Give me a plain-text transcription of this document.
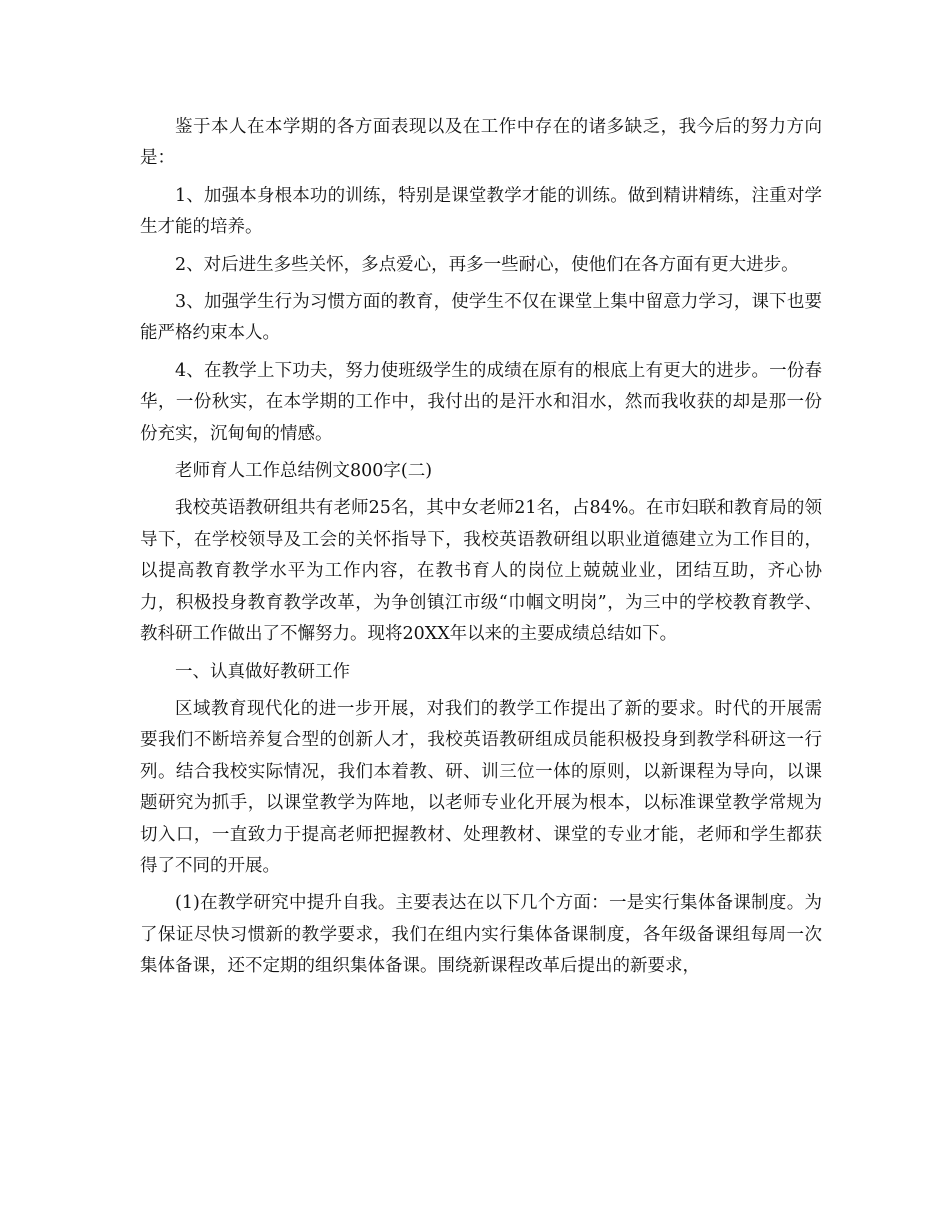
鉴于本人在本学期的各方面表现以及在工作中存在的诸多缺乏，我今后的努力方向是：

1、加强本身根本功的训练，特别是课堂教学才能的训练。做到精讲精练，注重对学生才能的培养。

2、对后进生多些关怀，多点爱心，再多一些耐心，使他们在各方面有更大进步。

3、加强学生行为习惯方面的教育，使学生不仅在课堂上集中留意力学习，课下也要能严格约束本人。

4、在教学上下功夫，努力使班级学生的成绩在原有的根底上有更大的进步。一份春华，一份秋实，在本学期的工作中，我付出的是汗水和泪水，然而我收获的却是那一份份充实，沉甸甸的情感。

老师育人工作总结例文800字(二)

我校英语教研组共有老师25名，其中女老师21名，占84%。在市妇联和教育局的领导下，在学校领导及工会的关怀指导下，我校英语教研组以职业道德建立为工作目的，以提高教育教学水平为工作内容，在教书育人的岗位上兢兢业业，团结互助，齐心协力，积极投身教育教学改革，为争创镇江市级“巾帼文明岗”，为三中的学校教育教学、教科研工作做出了不懈努力。现将20XX年以来的主要成绩总结如下。

一、认真做好教研工作

区域教育现代化的进一步开展，对我们的教学工作提出了新的要求。时代的开展需要我们不断培养复合型的创新人才，我校英语教研组成员能积极投身到教学科研这一行列。结合我校实际情况，我们本着教、研、训三位一体的原则，以新课程为导向，以课题研究为抓手，以课堂教学为阵地，以老师专业化开展为根本，以标准课堂教学常规为切入口，一直致力于提高老师把握教材、处理教材、课堂的专业才能，老师和学生都获得了不同的开展。

(1)在教学研究中提升自我。主要表达在以下几个方面：一是实行集体备课制度。为了保证尽快习惯新的教学要求，我们在组内实行集体备课制度，各年级备课组每周一次集体备课，还不定期的组织集体备课。围绕新课程改革后提出的新要求，
